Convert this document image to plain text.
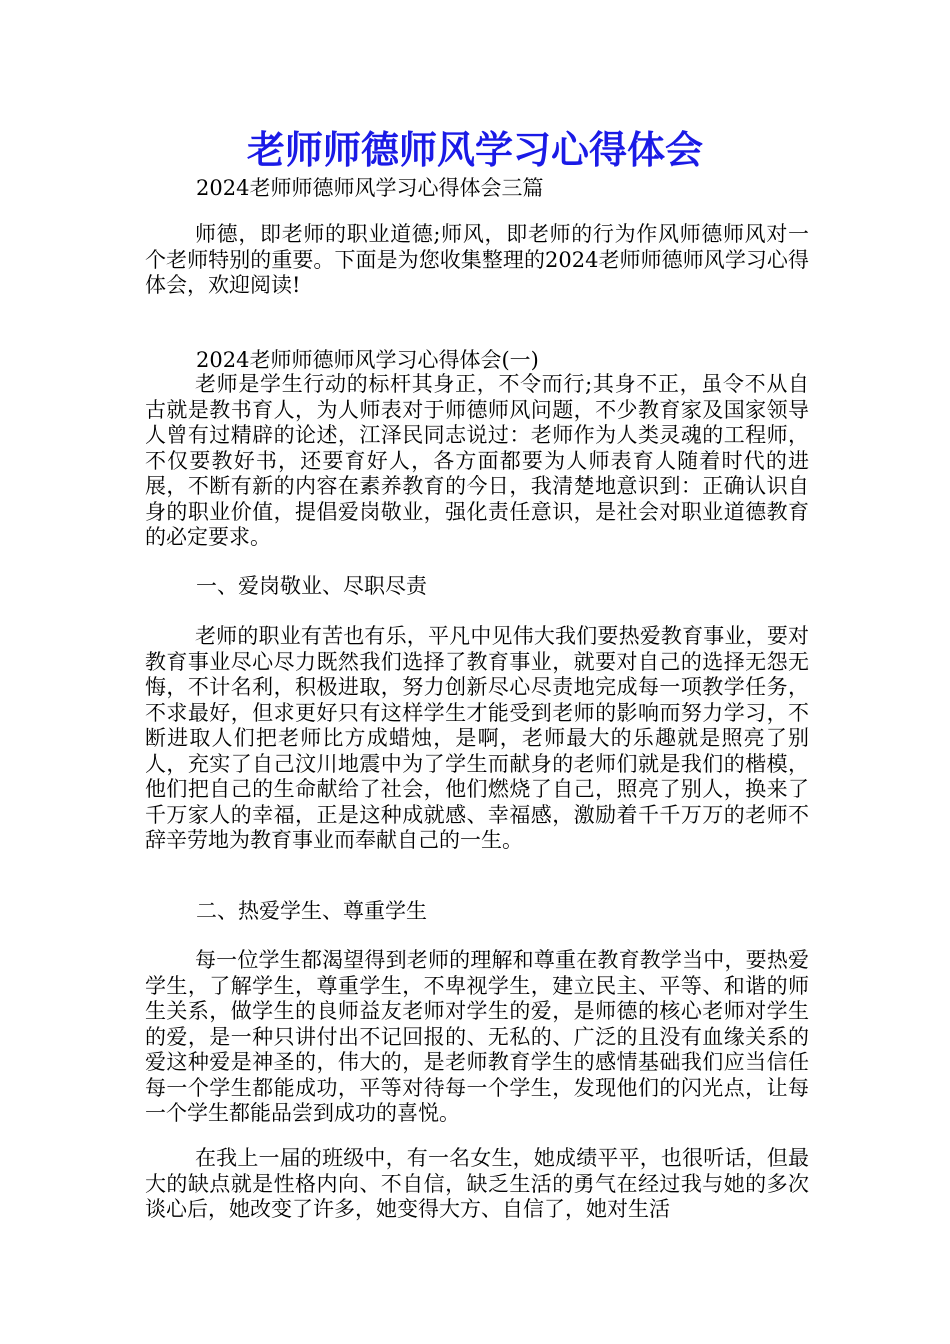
老师师德师风学习心得体会

2024老师师德师风学习心得体会三篇

师德，即老师的职业道德;师风，即老师的行为作风师德师风对一个老师特别的重要。下面是为您收集整理的2024老师师德师风学习心得体会，欢迎阅读!

2024老师师德师风学习心得体会(一)

老师是学生行动的标杆其身正，不令而行;其身不正，虽令不从自古就是教书育人，为人师表对于师德师风问题，不少教育家及国家领导人曾有过精辟的论述，江泽民同志说过：老师作为人类灵魂的工程师，不仅要教好书，还要育好人，各方面都要为人师表育人随着时代的进展，不断有新的内容在素养教育的今日，我清楚地意识到：正确认识自身的职业价值，提倡爱岗敬业，强化责任意识，是社会对职业道德教育的必定要求。

一、爱岗敬业、尽职尽责

老师的职业有苦也有乐，平凡中见伟大我们要热爱教育事业，要对教育事业尽心尽力既然我们选择了教育事业，就要对自己的选择无怨无悔，不计名利，积极进取，努力创新尽心尽责地完成每一项教学任务，不求最好，但求更好只有这样学生才能受到老师的影响而努力学习，不断进取人们把老师比方成蜡烛，是啊，老师最大的乐趣就是照亮了别人，充实了自己汶川地震中为了学生而献身的老师们就是我们的楷模，他们把自己的生命献给了社会，他们燃烧了自己，照亮了别人，换来了千万家人的幸福，正是这种成就感、幸福感，激励着千千万万的老师不辞辛劳地为教育事业而奉献自己的一生。

二、热爱学生、尊重学生

每一位学生都渴望得到老师的理解和尊重在教育教学当中，要热爱学生，了解学生，尊重学生，不卑视学生，建立民主、平等、和谐的师生关系，做学生的良师益友老师对学生的爱，是师德的核心老师对学生的爱，是一种只讲付出不记回报的、无私的、广泛的且没有血缘关系的爱这种爱是神圣的，伟大的，是老师教育学生的感情基础我们应当信任每一个学生都能成功，平等对待每一个学生，发现他们的闪光点，让每一个学生都能品尝到成功的喜悦。

在我上一届的班级中，有一名女生，她成绩平平，也很听话，但最大的缺点就是性格内向、不自信，缺乏生活的勇气在经过我与她的多次谈心后，她改变了许多，她变得大方、自信了，她对生活
